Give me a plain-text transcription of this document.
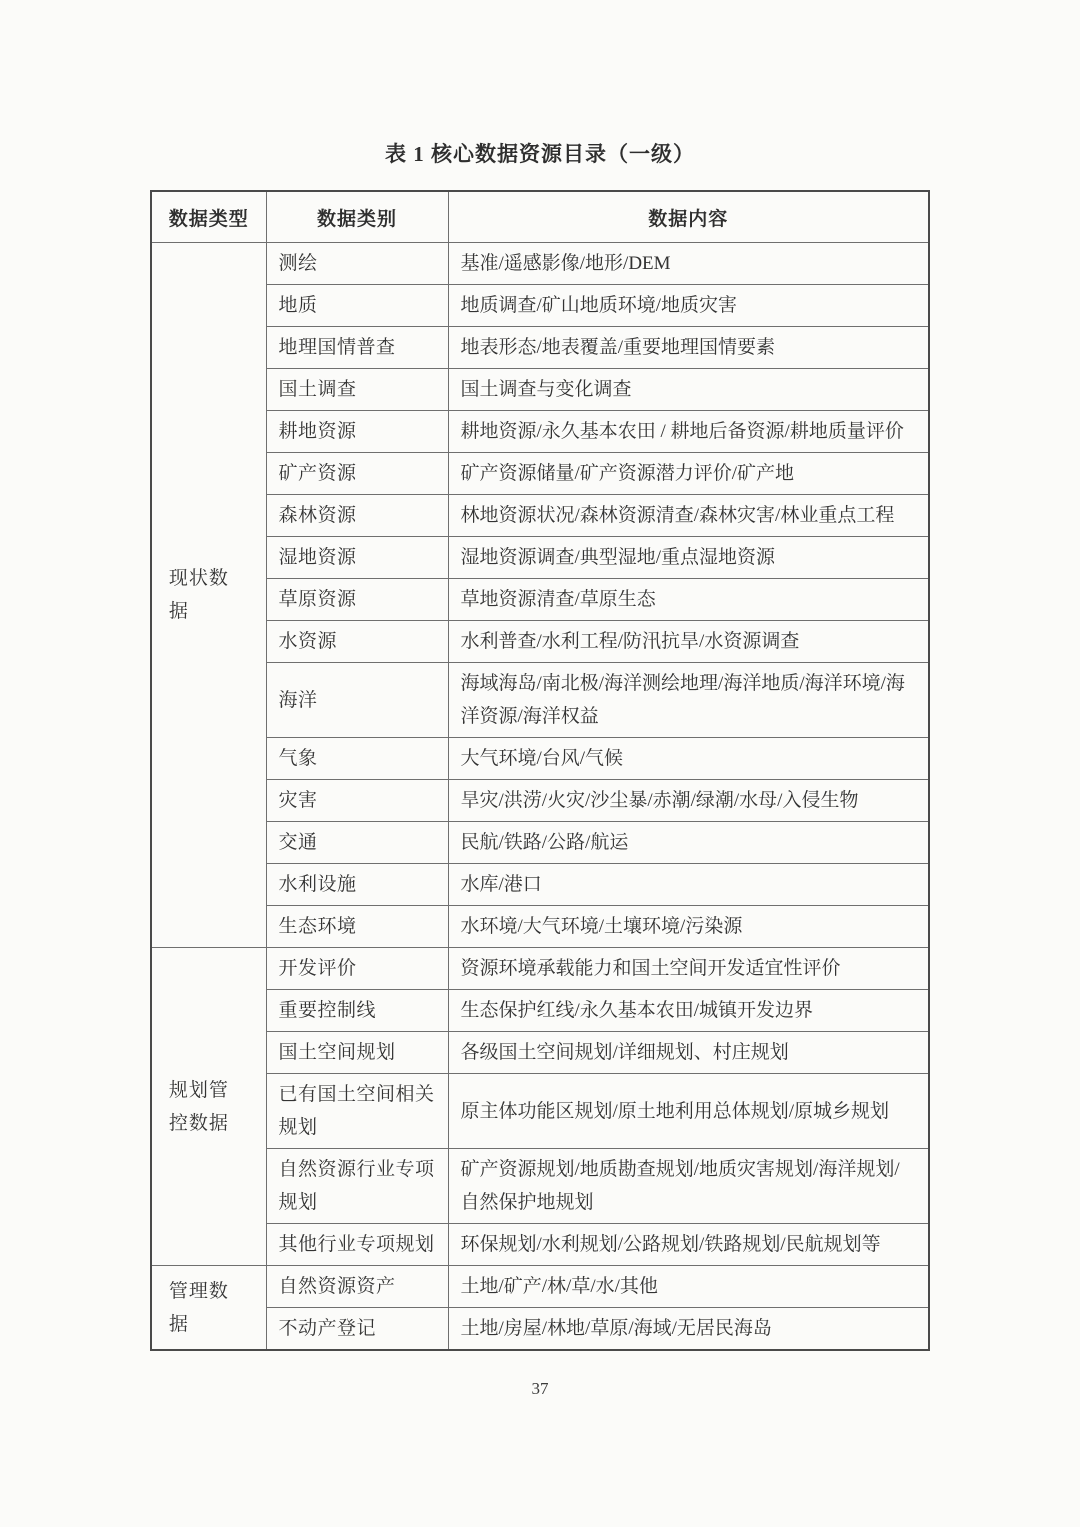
表 1 核心数据资源目录（一级）
数据类型	数据类别	数据内容
现状数据	测绘	基准/遥感影像/地形/DEM
	地质	地质调查/矿山地质环境/地质灾害
	地理国情普查	地表形态/地表覆盖/重要地理国情要素
	国土调查	国土调查与变化调查
	耕地资源	耕地资源/永久基本农田 / 耕地后备资源/耕地质量评价
	矿产资源	矿产资源储量/矿产资源潜力评价/矿产地
	森林资源	林地资源状况/森林资源清查/森林灾害/林业重点工程
	湿地资源	湿地资源调查/典型湿地/重点湿地资源
	草原资源	草地资源清查/草原生态
	水资源	水利普查/水利工程/防汛抗旱/水资源调查
	海洋	海域海岛/南北极/海洋测绘地理/海洋地质/海洋环境/海洋资源/海洋权益
	气象	大气环境/台风/气候
	灾害	旱灾/洪涝/火灾/沙尘暴/赤潮/绿潮/水母/入侵生物
	交通	民航/铁路/公路/航运
	水利设施	水库/港口
	生态环境	水环境/大气环境/土壤环境/污染源
规划管控数据	开发评价	资源环境承载能力和国土空间开发适宜性评价
	重要控制线	生态保护红线/永久基本农田/城镇开发边界
	国土空间规划	各级国土空间规划/详细规划、村庄规划
	已有国土空间相关规划	原主体功能区规划/原土地利用总体规划/原城乡规划
	自然资源行业专项规划	矿产资源规划/地质勘查规划/地质灾害规划/海洋规划/自然保护地规划
	其他行业专项规划	环保规划/水利规划/公路规划/铁路规划/民航规划等
管理数据	自然资源资产	土地/矿产/林/草/水/其他
	不动产登记	土地/房屋/林地/草原/海域/无居民海岛
37
